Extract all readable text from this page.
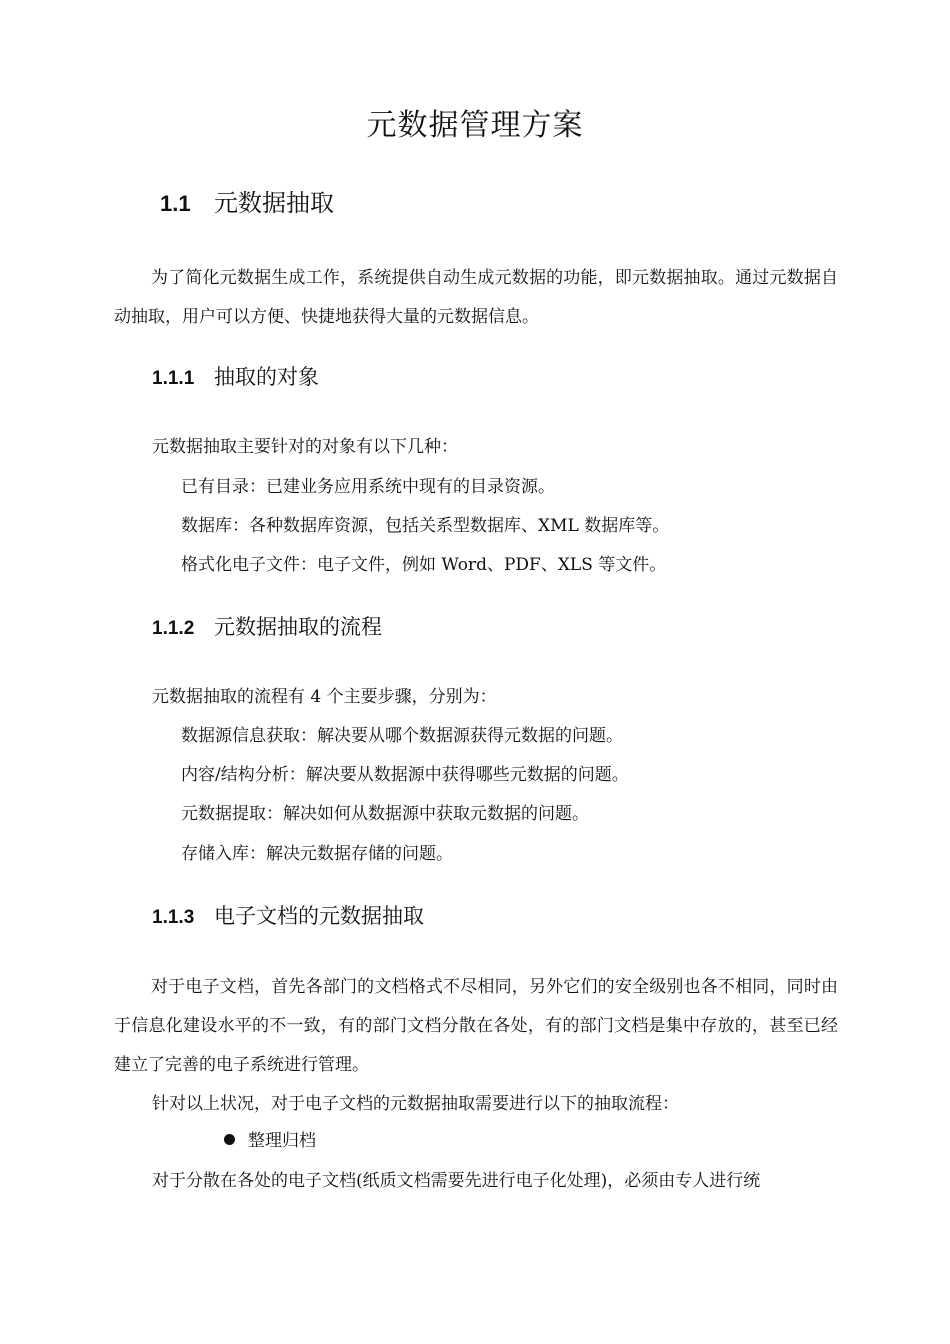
元数据管理方案
1.1 元数据抽取

为了简化元数据生成工作，系统提供自动生成元数据的功能，即元数据抽取。通过元数据自动抽取，用户可以方便、快捷地获得大量的元数据信息。

1.1.1 抽取的对象
元数据抽取主要针对的对象有以下几种：
已有目录：已建业务应用系统中现有的目录资源。
数据库：各种数据库资源，包括关系型数据库、XML 数据库等。
格式化电子文件：电子文件，例如 Word、PDF、XLS 等文件。
1.1.2 元数据抽取的流程
元数据抽取的流程有 4 个主要步骤，分别为：
数据源信息获取：解决要从哪个数据源获得元数据的问题。
内容/结构分析：解决要从数据源中获得哪些元数据的问题。
元数据提取：解决如何从数据源中获取元数据的问题。
存储入库：解决元数据存储的问题。
1.1.3 电子文档的元数据抽取

对于电子文档，首先各部门的文档格式不尽相同，另外它们的安全级别也各不相同，同时由于信息化建设水平的不一致，有的部门文档分散在各处，有的部门文档是集中存放的，甚至已经建立了完善的电子系统进行管理。

针对以上状况，对于电子文档的元数据抽取需要进行以下的抽取流程：
整理归档
对于分散在各处的电子文档(纸质文档需要先进行电子化处理)，必须由专人进行统
